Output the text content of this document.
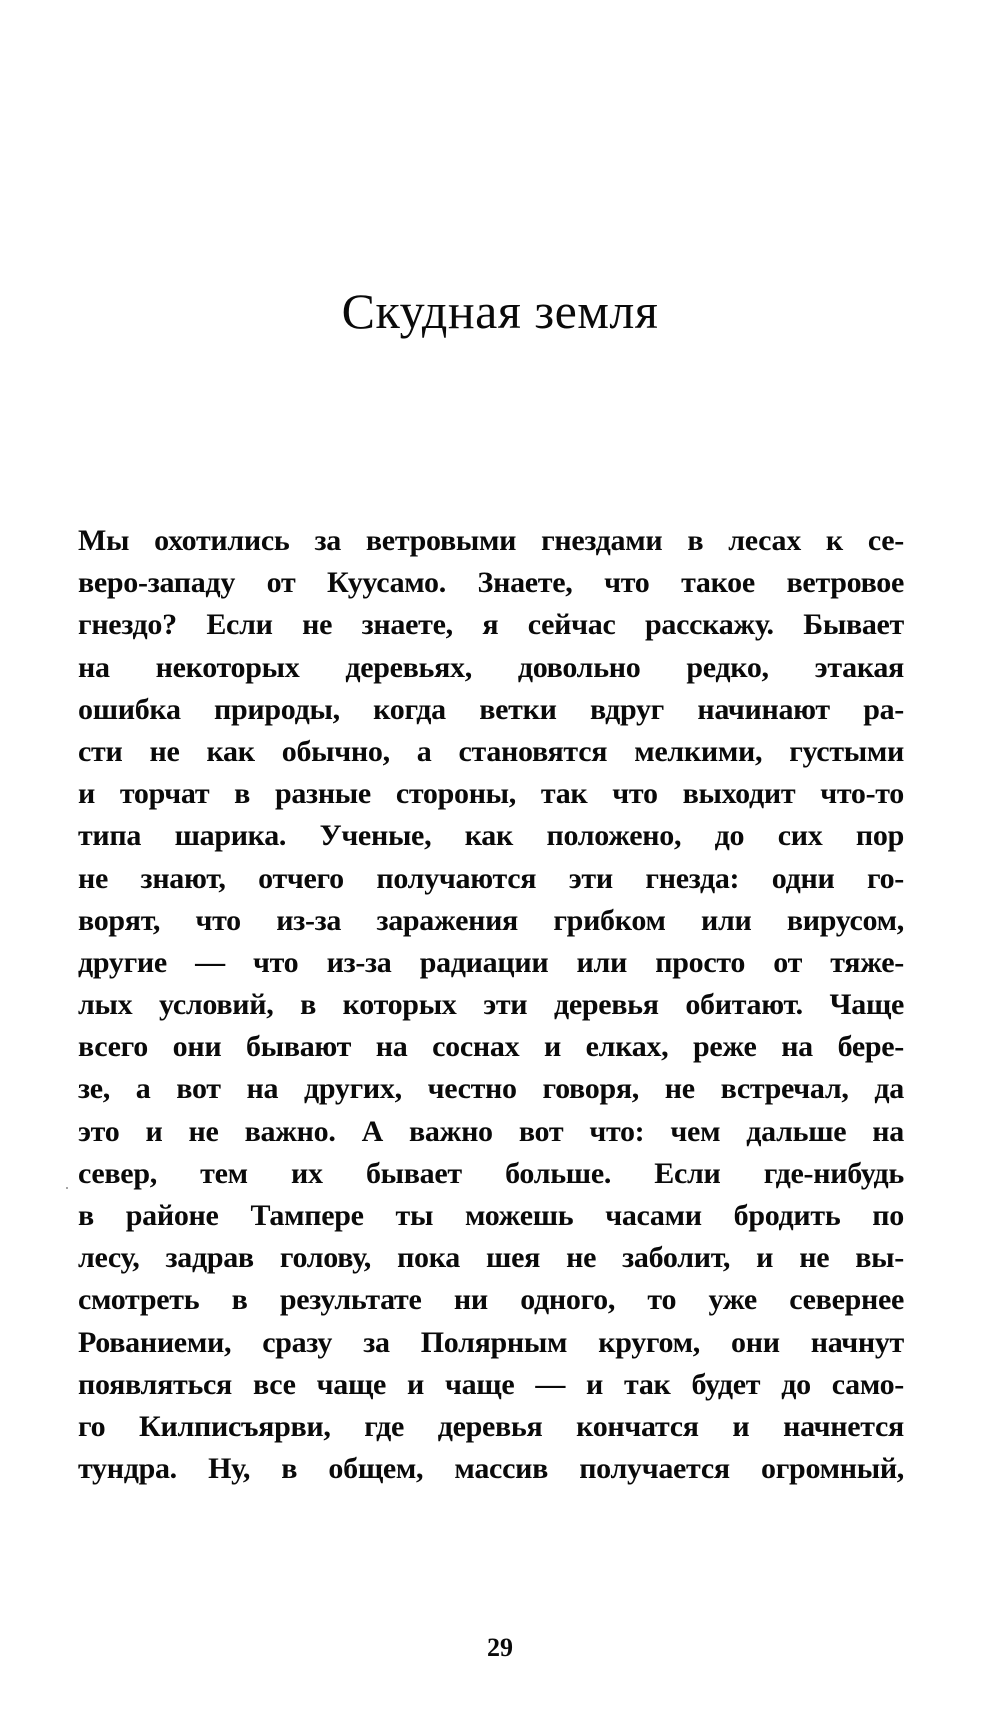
Скудная земля
Мы охотились за ветровыми гнездами в лесах к се-
веро-западу от Куусамо. Знаете, что такое ветровое
гнездо? Если не знаете, я сейчас расскажу. Бывает
на некоторых деревьях, довольно редко, этакая
ошибка природы, когда ветки вдруг начинают ра-
сти не как обычно, а становятся мелкими, густыми
и торчат в разные стороны, так что выходит что-то
типа шарика. Ученые, как положено, до сих пор
не знают, отчего получаются эти гнезда: одни го-
ворят, что из-за заражения грибком или вирусом,
другие — что из-за радиации или просто от тяже-
лых условий, в которых эти деревья обитают. Чаще
всего они бывают на соснах и елках, реже на бере-
зе, а вот на других, честно говоря, не встречал, да
это и не важно. А важно вот что: чем дальше на
север, тем их бывает больше. Если где-нибудь
в районе Тампере ты можешь часами бродить по
лесу, задрав голову, пока шея не заболит, и не вы-
смотреть в результате ни одного, то уже севернее
Рованиеми, сразу за Полярным кругом, они начнут
появляться все чаще и чаще — и так будет до само-
го Килписъярви, где деревья кончатся и начнется
тундра. Ну, в общем, массив получается огромный,
29
